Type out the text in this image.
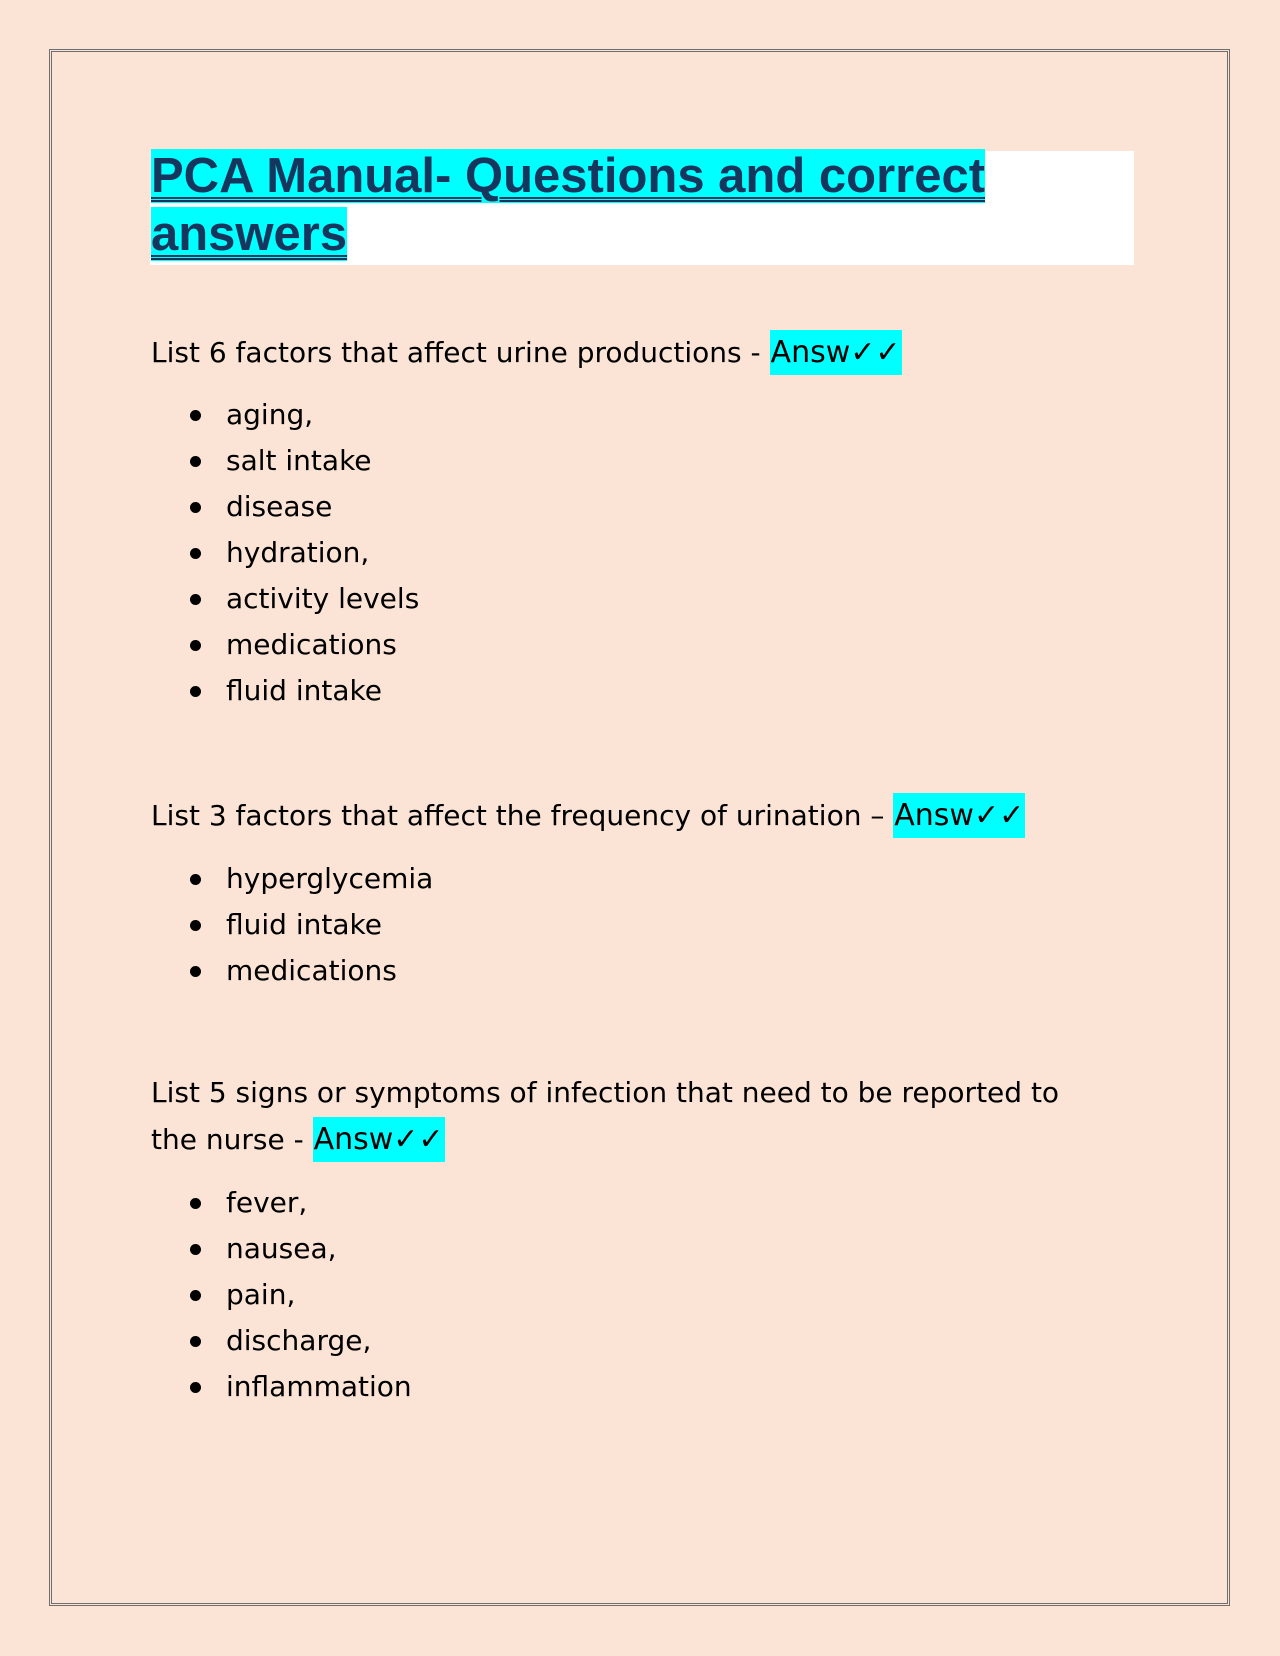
PCA Manual- Questions and correct answers

List 6 factors that affect urine productions - Answ✓✓

aging,
salt intake
disease
hydration,
activity levels
medications
fluid intake

List 3 factors that affect the frequency of urination – Answ✓✓

hyperglycemia
fluid intake
medications

List 5 signs or symptoms of infection that need to be reported to the nurse - Answ✓✓

fever,
nausea,
pain,
discharge,
inflammation
